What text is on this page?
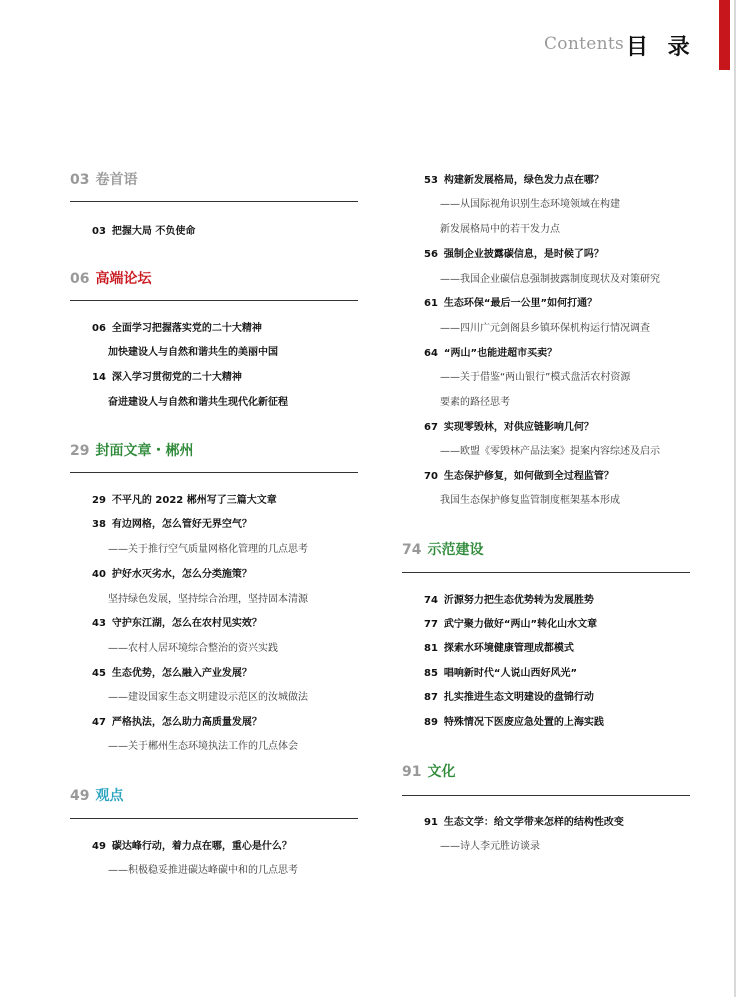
Contents 目 录
03 卷首语
03 把握大局 不负使命
06 高端论坛
06 全面学习把握落实党的二十大精神
加快建设人与自然和谐共生的美丽中国
14 深入学习贯彻党的二十大精神
奋进建设人与自然和谐共生现代化新征程
29 封面文章・郴州
29 不平凡的 2022 郴州写了三篇大文章
38 有边网格，怎么管好无界空气？
——关于推行空气质量网格化管理的几点思考
40 护好水灭劣水，怎么分类施策？
坚持绿色发展，坚持综合治理，坚持固本清源
43 守护东江湖，怎么在农村见实效？
——农村人居环境综合整治的资兴实践
45 生态优势，怎么融入产业发展？
——建设国家生态文明建设示范区的汝城做法
47 严格执法，怎么助力高质量发展？
——关于郴州生态环境执法工作的几点体会
49 观点
49 碳达峰行动，着力点在哪，重心是什么？
——积极稳妥推进碳达峰碳中和的几点思考
53 构建新发展格局，绿色发力点在哪？
——从国际视角识别生态环境领域在构建
新发展格局中的若干发力点
56 强制企业披露碳信息，是时候了吗？
——我国企业碳信息强制披露制度现状及对策研究
61 生态环保“最后一公里”如何打通？
——四川广元剑阁县乡镇环保机构运行情况调查
64 “两山”也能进超市买卖？
——关于借鉴“两山银行”模式盘活农村资源
要素的路径思考
67 实现零毁林，对供应链影响几何？
——欧盟《零毁林产品法案》提案内容综述及启示
70 生态保护修复，如何做到全过程监管？
我国生态保护修复监管制度框架基本形成
74 示范建设
74 沂源努力把生态优势转为发展胜势
77 武宁聚力做好“两山”转化山水文章
81 探索水环境健康管理成都模式
85 唱响新时代“人说山西好风光”
87 扎实推进生态文明建设的盘锦行动
89 特殊情况下医废应急处置的上海实践
91 文化
91 生态文学：给文学带来怎样的结构性改变
——诗人李元胜访谈录
